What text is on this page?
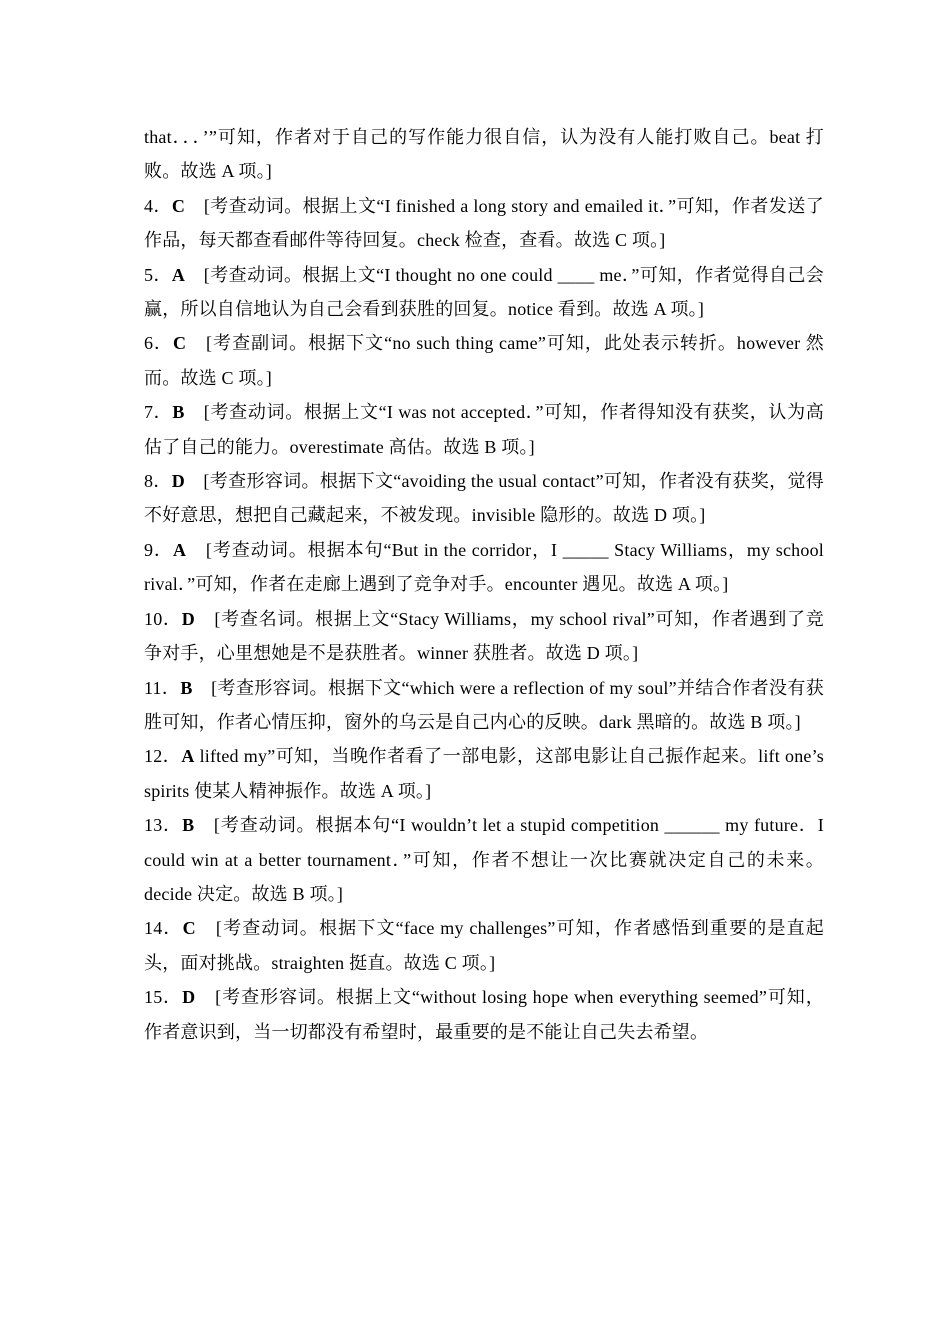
that．．．’”可知，作者对于自己的写作能力很自信，认为没有人能打败自己。beat 打败。故选 A 项。]

4．C　[考查动词。根据上文“I finished a long story and emailed it．”可知，作者发送了作品，每天都查看邮件等待回复。check 检查，查看。故选 C 项。]

5．A　[考查动词。根据上文“I thought no one could ____ me．”可知，作者觉得自己会赢，所以自信地认为自己会看到获胜的回复。notice 看到。故选 A 项。]

6．C　[考查副词。根据下文“no such thing came”可知，此处表示转折。however 然而。故选 C 项。]

7．B　[考查动词。根据上文“I was not accepted．”可知，作者得知没有获奖，认为高估了自己的能力。overestimate 高估。故选 B 项。]

8．D　[考查形容词。根据下文“avoiding the usual contact”可知，作者没有获奖，觉得不好意思，想把自己藏起来，不被发现。invisible 隐形的。故选 D 项。]

9．A　[考查动词。根据本句“But in the corridor，I _____ Stacy Williams，my school rival．”可知，作者在走廊上遇到了竞争对手。encounter 遇见。故选 A 项。]

10．D　[考查名词。根据上文“Stacy Williams，my school rival”可知，作者遇到了竞争对手，心里想她是不是获胜者。winner 获胜者。故选 D 项。]

11．B　[考查形容词。根据下文“which were a reflection of my soul”并结合作者没有获胜可知，作者心情压抑，窗外的乌云是自己内心的反映。dark 黑暗的。故选 B 项。]

12．A lifted my”可知，当晚作者看了一部电影，这部电影让自己振作起来。lift one’s spirits 使某人精神振作。故选 A 项。]

13．B　[考查动词。根据本句“I wouldn’t let a stupid competition ______ my future．I could win at a better tournament．”可知，作者不想让一次比赛就决定自己的未来。decide 决定。故选 B 项。]

14．C　[考查动词。根据下文“face my challenges”可知，作者感悟到重要的是直起头，面对挑战。straighten 挺直。故选 C 项。]

15．D　[考查形容词。根据上文“without losing hope when everything seemed”可知，作者意识到，当一切都没有希望时，最重要的是不能让自己失去希望。
